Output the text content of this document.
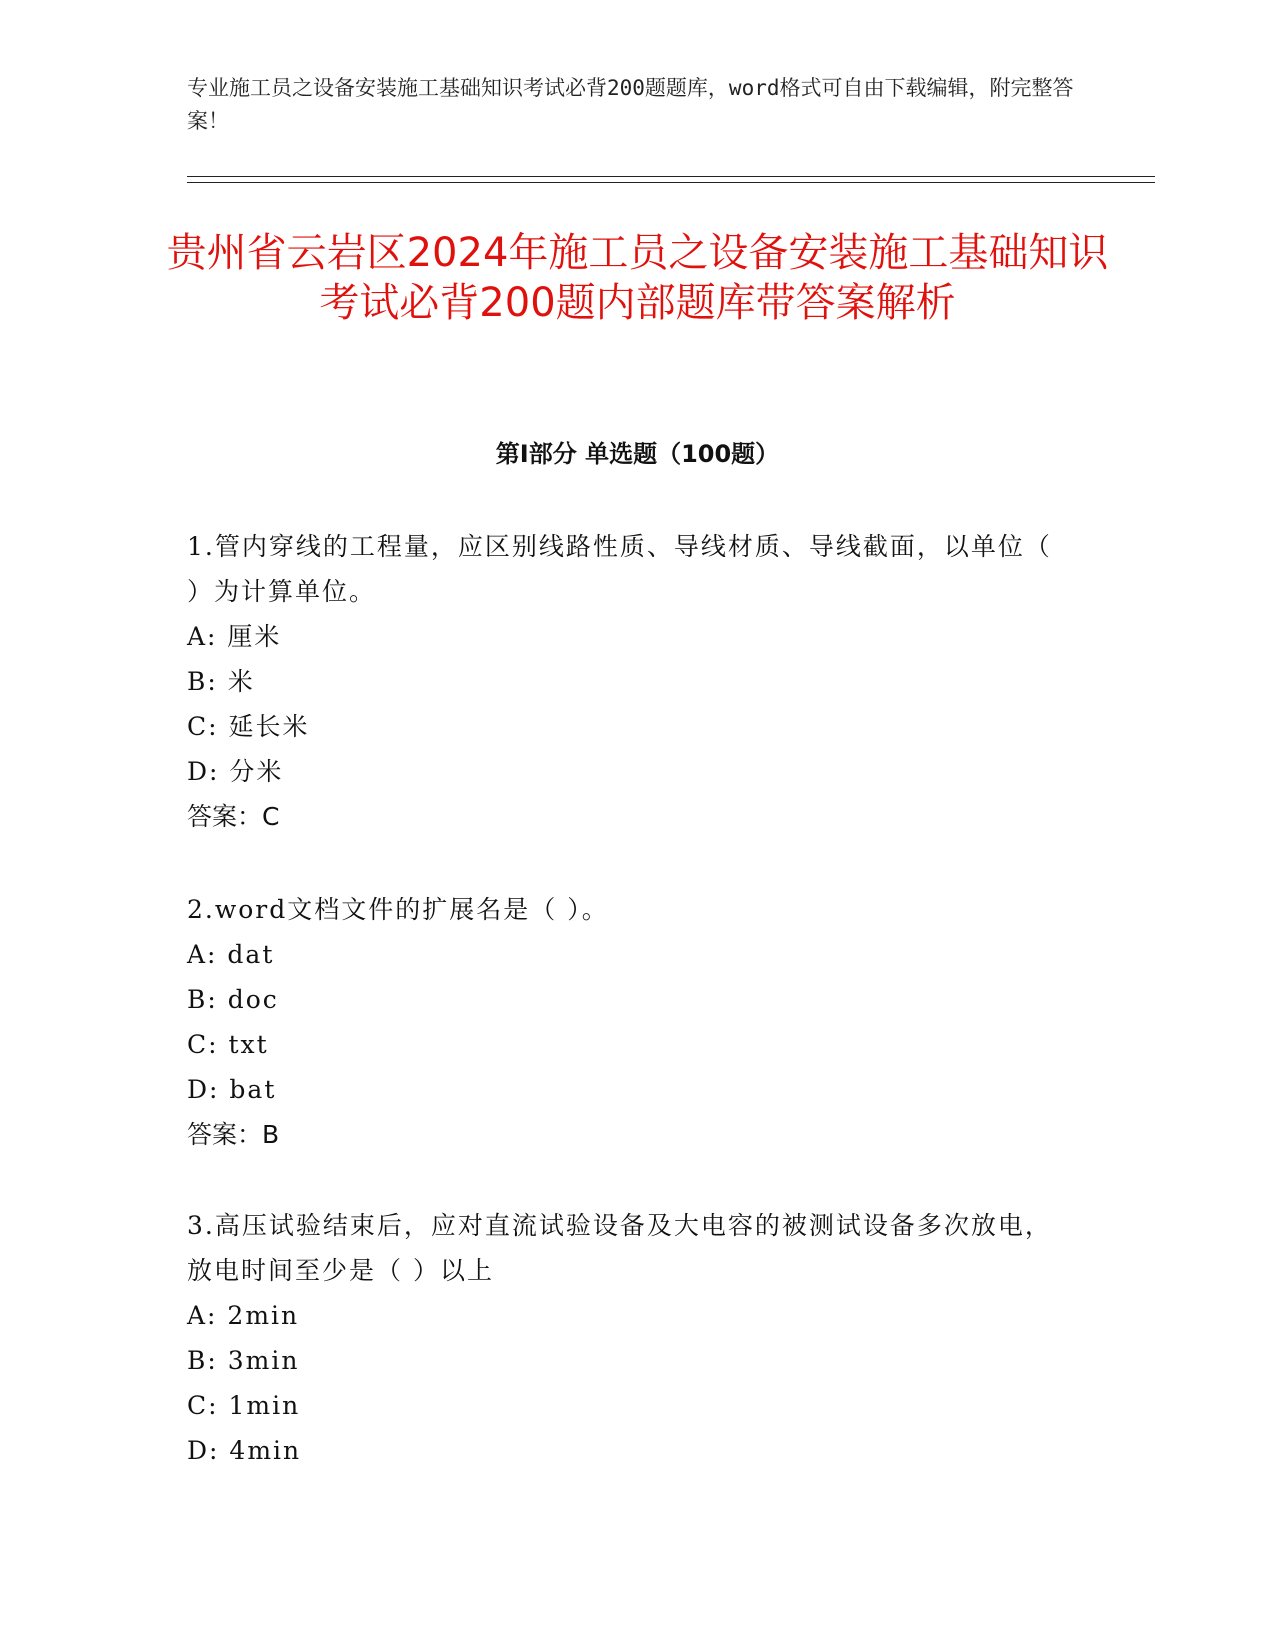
专业施工员之设备安装施工基础知识考试必背200题题库，word格式可自由下载编辑，附完整答案！
贵州省云岩区2024年施工员之设备安装施工基础知识考试必背200题内部题库带答案解析
第I部分 单选题（100题）

1.管内穿线的工程量，应区别线路性质、导线材质、导线截面，以单位（ ）为计算单位。

A: 厘米

B: 米

C: 延长米

D: 分米

答案：C

2.word文档文件的扩展名是（ ）。

A: dat

B: doc

C: txt

D: bat

答案：B

3.高压试验结束后，应对直流试验设备及大电容的被测试设备多次放电，放电时间至少是（ ）以上

A: 2min

B: 3min

C: 1min

D: 4min
